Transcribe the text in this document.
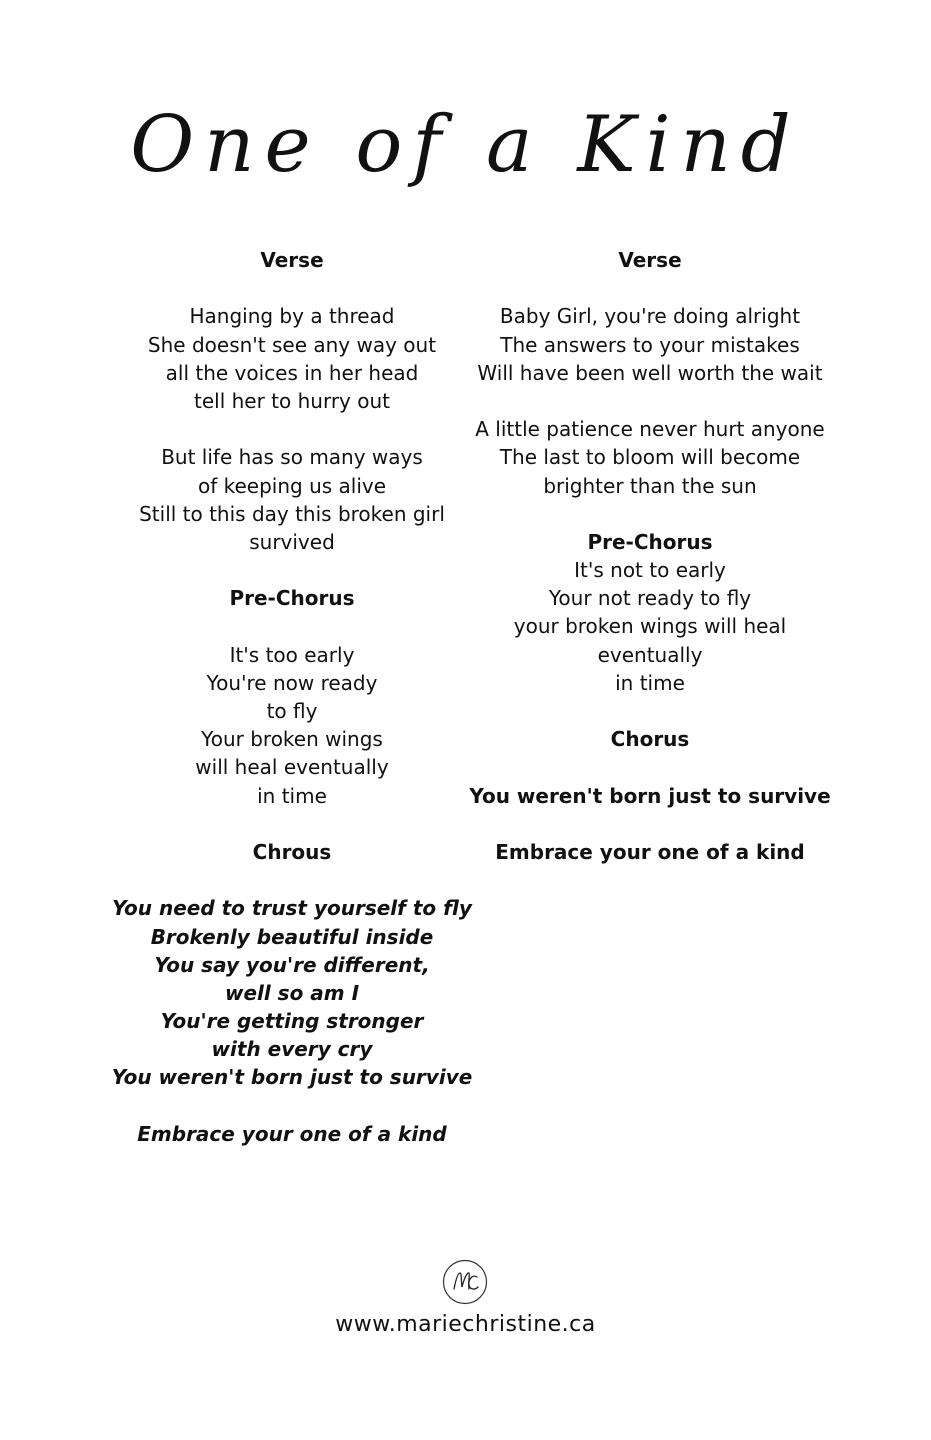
One of a Kind
Verse
Hanging by a thread
She doesn't see any way out
all the voices in her head
tell her to hurry out
But life has so many ways
of keeping us alive
Still to this day this broken girl
survived
Pre-Chorus
It's too early
You're now ready
to fly
Your broken wings
will heal eventually
in time
Chrous
You need to trust yourself to fly
Brokenly beautiful inside
You say you're different,
well so am I
You're getting stronger
with every cry
You weren't born just to survive
Embrace your one of a kind
Verse
Baby Girl, you're doing alright
The answers to your mistakes
Will have been well worth the wait
A little patience never hurt anyone
The last to bloom will become
brighter than the sun
Pre-Chorus
It's not to early
Your not ready to fly
your broken wings will heal
eventually
in time
Chorus
You weren't born just to survive
Embrace your one of a kind
www.mariechristine.ca
